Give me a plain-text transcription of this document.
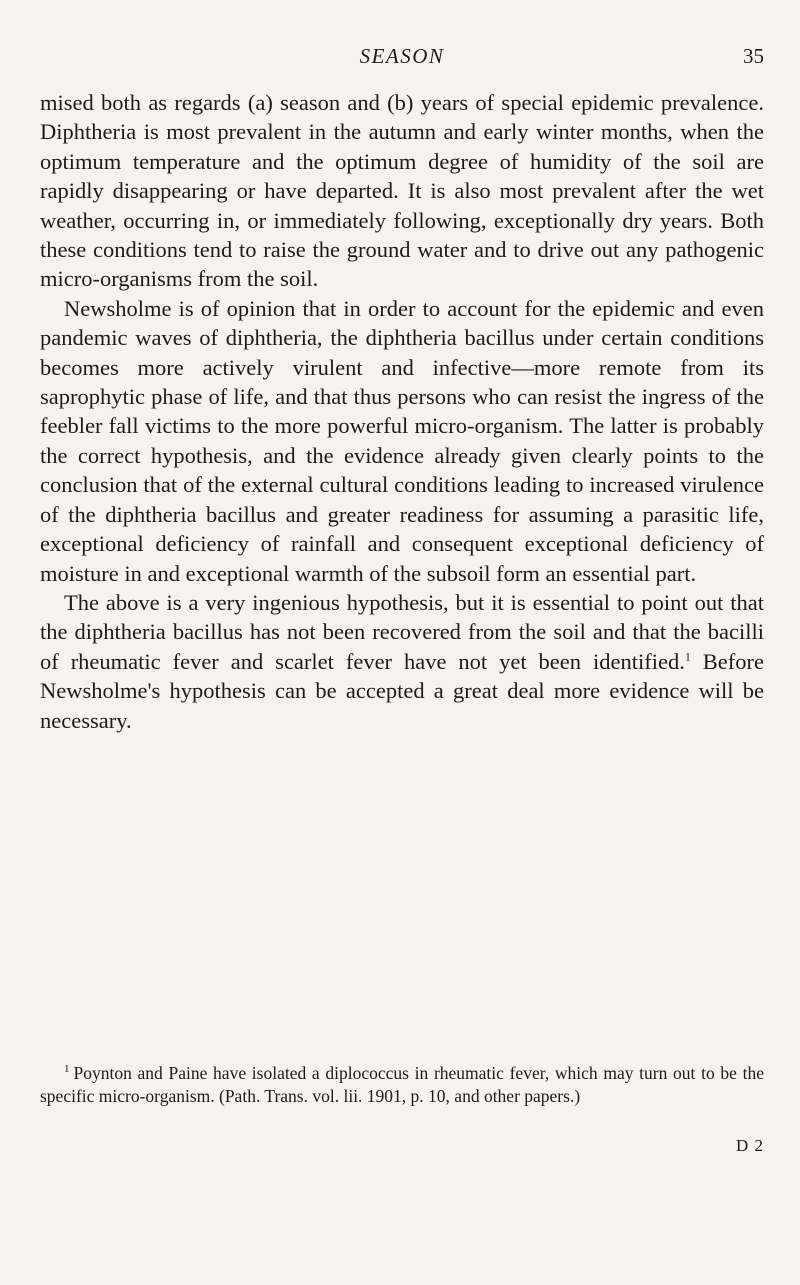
SEASON	35

mised both as regards (a) season and (b) years of special epidemic prevalence. Diphtheria is most prevalent in the autumn and early winter months, when the optimum temperature and the optimum degree of humidity of the soil are rapidly disappearing or have departed. It is also most prevalent after the wet weather, occurring in, or immediately following, exceptionally dry years. Both these conditions tend to raise the ground water and to drive out any pathogenic micro-organisms from the soil.

Newsholme is of opinion that in order to account for the epidemic and even pandemic waves of diphtheria, the diphtheria bacillus under certain conditions becomes more actively virulent and infective—more remote from its saprophytic phase of life, and that thus persons who can resist the ingress of the feebler fall victims to the more powerful micro-organism. The latter is probably the correct hypothesis, and the evidence already given clearly points to the conclusion that of the external cultural conditions leading to increased virulence of the diphtheria bacillus and greater readiness for assuming a parasitic life, exceptional deficiency of rainfall and consequent exceptional deficiency of moisture in and exceptional warmth of the subsoil form an essential part.

The above is a very ingenious hypothesis, but it is essential to point out that the diphtheria bacillus has not been recovered from the soil and that the bacilli of rheumatic fever and scarlet fever have not yet been identified.$^1$ Before Newsholme's hypothesis can be accepted a great deal more evidence will be necessary.

$^1$ Poynton and Paine have isolated a diplococcus in rheumatic fever, which may turn out to be the specific micro-organism. (Path. Trans. vol. lii. 1901, p. 10, and other papers.)

D 2
